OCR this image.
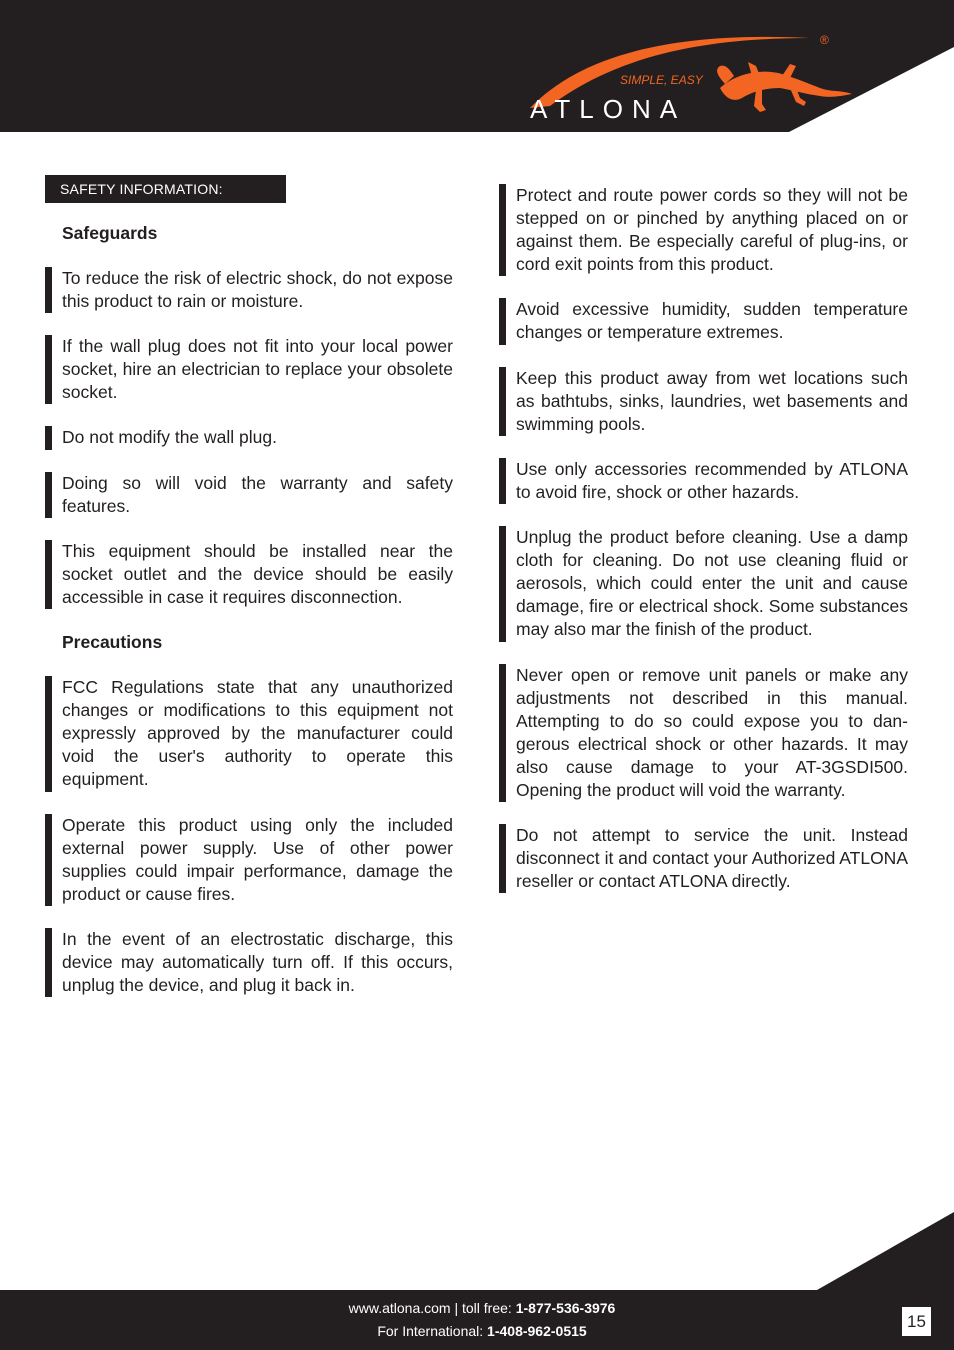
SIMPLE, EASY
ATLONA
®
SAFETY INFORMATION:
Safeguards
To reduce the risk of electric shock, do not expose this product to rain or moisture.
If the wall plug does not fit into your local power socket, hire an electrician to replace your obsolete socket.
Do not modify the wall plug.
Doing so will void the warranty and safety features.
This equipment should be installed near the socket outlet and the device should be easily accessible in case it requires disconnection.
Precautions
FCC Regulations state that any unauthorized changes or modifications to this equipment not expressly approved by the manufacturer could void the user's authority to operate this equipment.
Operate this product using only the included external power supply. Use of other power supplies could impair performance, damage the product or cause fires.
In the event of an electrostatic discharge, this device may automatically turn off. If this occurs, unplug the device, and plug it back in.
Protect and route power cords so they will not be stepped on or pinched by anything placed on or against them. Be especially careful of plug-ins, or cord exit points from this product.
Avoid excessive humidity, sudden temperature changes or temperature extremes.
Keep this product away from wet locations such as bathtubs, sinks, laundries, wet basements and swimming pools.
Use only accessories recommended by ATLONA to avoid fire, shock or other hazards.
Unplug the product before cleaning. Use a damp cloth for cleaning. Do not use cleaning fluid or aerosols, which could enter the unit and cause damage, fire or electrical shock. Some substances may also mar the finish of the product.
Never open or remove unit panels or make any adjustments not described in this manual. Attempting to do so could expose you to dan-gerous electrical shock or other hazards. It may also cause damage to your AT-3GSDI500. Opening the product will void the warranty.
Do not attempt to service the unit. Instead disconnect it and contact your Authorized ATLONA reseller or contact ATLONA directly.
www.atlona.com | toll free: 1-877-536-3976
For International: 1-408-962-0515	15
